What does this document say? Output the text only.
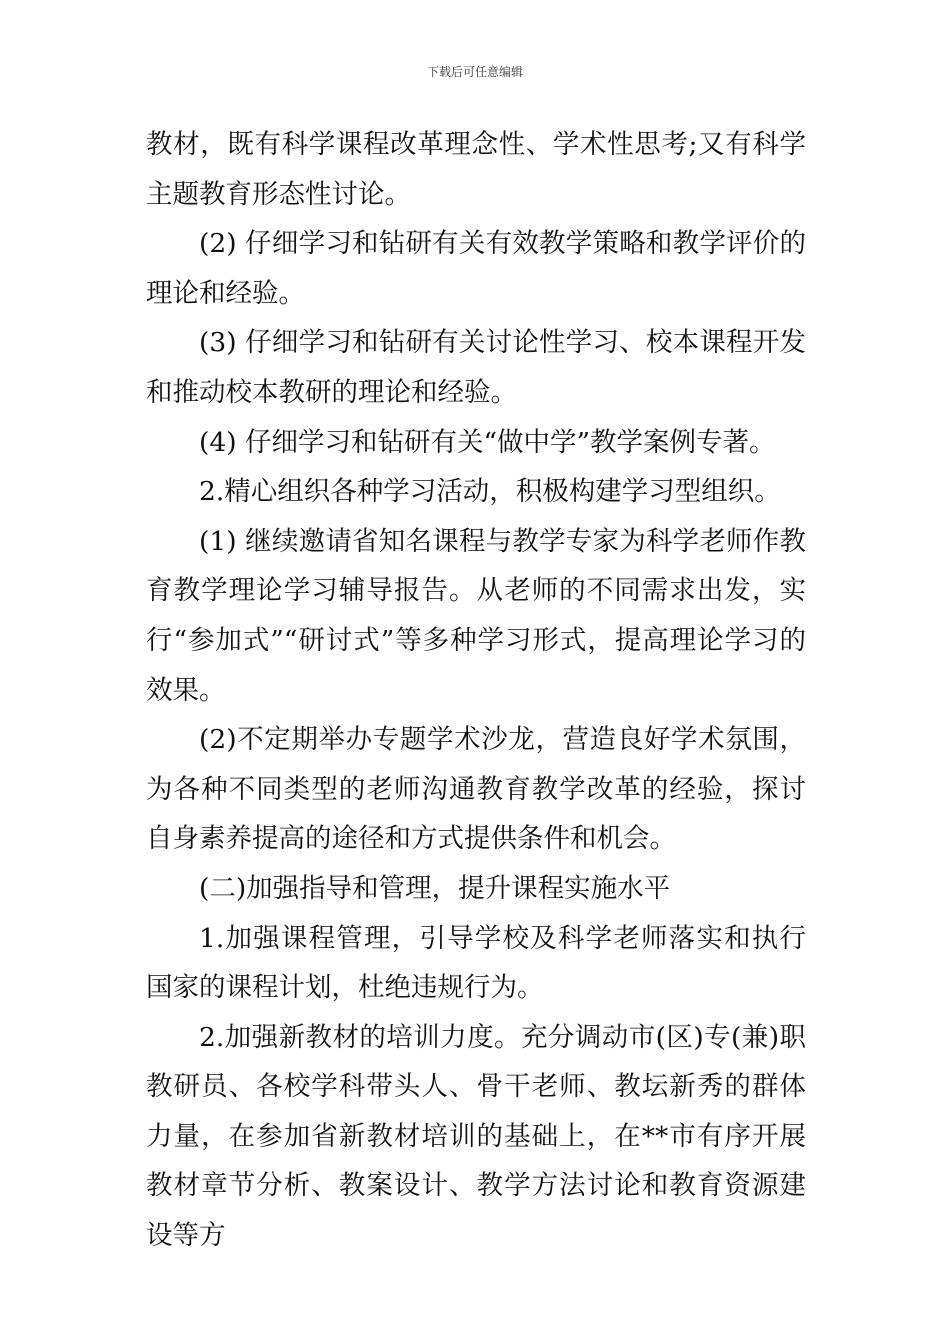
下载后可任意编辑

教材，既有科学课程改革理念性、学术性思考;又有科学主题教育形态性讨论。

(2) 仔细学习和钻研有关有效教学策略和教学评价的理论和经验。

(3) 仔细学习和钻研有关讨论性学习、校本课程开发和推动校本教研的理论和经验。

(4) 仔细学习和钻研有关“做中学”教学案例专著。

2.精心组织各种学习活动，积极构建学习型组织。

(1) 继续邀请省知名课程与教学专家为科学老师作教育教学理论学习辅导报告。从老师的不同需求出发，实行“参加式”“研讨式”等多种学习形式，提高理论学习的效果。

(2)不定期举办专题学术沙龙，营造良好学术氛围，为各种不同类型的老师沟通教育教学改革的经验，探讨自身素养提高的途径和方式提供条件和机会。

(二)加强指导和管理，提升课程实施水平

1.加强课程管理，引导学校及科学老师落实和执行国家的课程计划，杜绝违规行为。

2.加强新教材的培训力度。充分调动市(区)专(兼)职教研员、各校学科带头人、骨干老师、教坛新秀的群体力量，在参加省新教材培训的基础上，在**市有序开展教材章节分析、教案设计、教学方法讨论和教育资源建设等方
